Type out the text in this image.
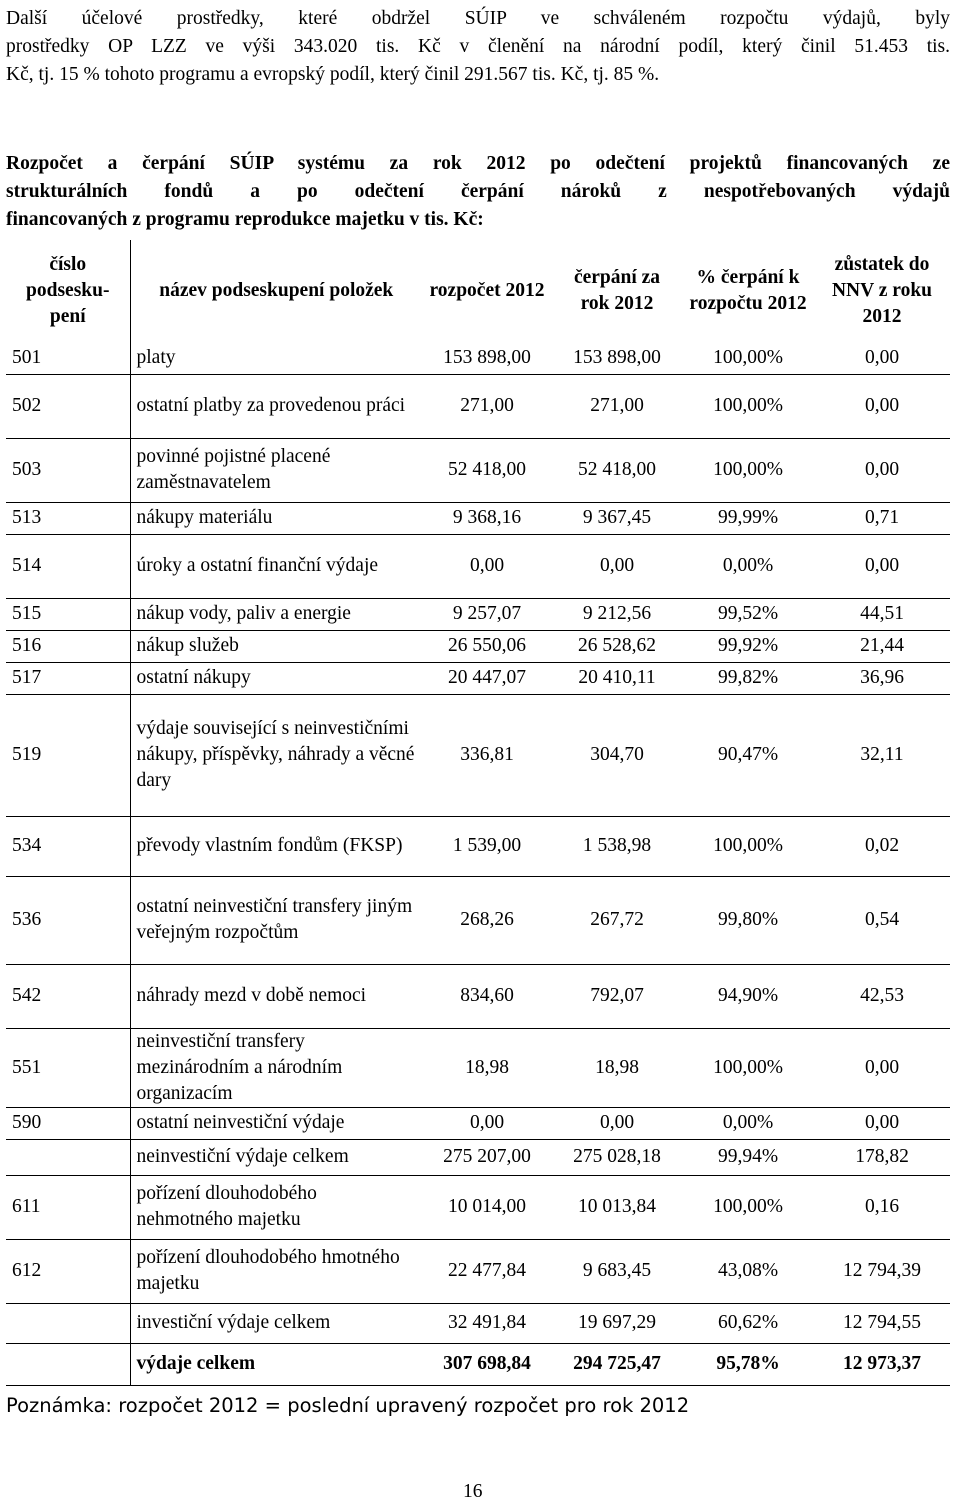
Další účelové prostředky, které obdržel SÚIP ve schváleném rozpočtu výdajů, byly
prostředky OP LZZ ve výši 343.020 tis. Kč v členění na národní podíl, který činil 51.453 tis.
Kč, tj. 15 % tohoto programu a evropský podíl, který činil 291.567 tis. Kč, tj. 85 %.
Rozpočet a čerpání SÚIP systému za rok 2012 po odečtení projektů financovaných ze
strukturálních fondů a po odečtení čerpání nároků z nespotřebovaných výdajů
financovaných z programu reprodukce majetku v tis. Kč:
číslo podsesku-pení	název podseskupení položek	rozpočet 2012	čerpání za rok 2012	% čerpání k rozpočtu 2012	zůstatek do NNV z roku 2012
501	platy	153 898,00	153 898,00	100,00%	0,00
502	ostatní platby za provedenou práci	271,00	271,00	100,00%	0,00
503	povinné pojistné placené zaměstnavatelem	52 418,00	52 418,00	100,00%	0,00
513	nákupy materiálu	9 368,16	9 367,45	99,99%	0,71
514	úroky a ostatní finanční výdaje	0,00	0,00	0,00%	0,00
515	nákup vody, paliv a energie	9 257,07	9 212,56	99,52%	44,51
516	nákup služeb	26 550,06	26 528,62	99,92%	21,44
517	ostatní nákupy	20 447,07	20 410,11	99,82%	36,96
519	výdaje související s neinvestičními nákupy, příspěvky, náhrady a věcné dary	336,81	304,70	90,47%	32,11
534	převody vlastním fondům (FKSP)	1 539,00	1 538,98	100,00%	0,02
536	ostatní neinvestiční transfery jiným veřejným rozpočtům	268,26	267,72	99,80%	0,54
542	náhrady mezd v době nemoci	834,60	792,07	94,90%	42,53
551	neinvestiční transfery mezinárodním a národním organizacím	18,98	18,98	100,00%	0,00
590	ostatní neinvestiční výdaje	0,00	0,00	0,00%	0,00
	neinvestiční výdaje celkem	275 207,00	275 028,18	99,94%	178,82
611	pořízení dlouhodobého nehmotného majetku	10 014,00	10 013,84	100,00%	0,16
612	pořízení dlouhodobého hmotného majetku	22 477,84	9 683,45	43,08%	12 794,39
	investiční výdaje celkem	32 491,84	19 697,29	60,62%	12 794,55
	výdaje celkem	307 698,84	294 725,47	95,78%	12 973,37
Poznámka: rozpočet 2012 = poslední upravený rozpočet pro rok 2012
16
